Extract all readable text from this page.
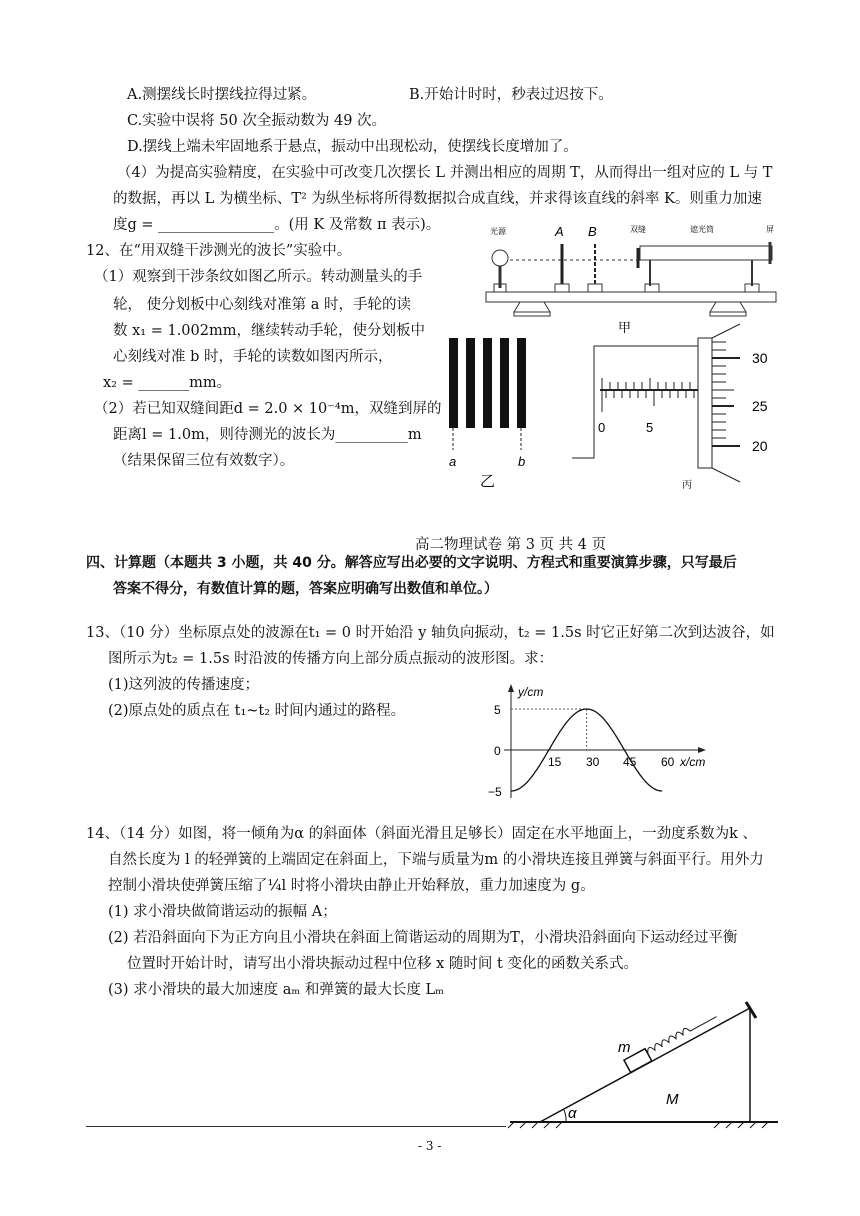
A.测摆线长时摆线拉得过紧。	B.开始计时时，秒表过迟按下。
C.实验中误将 50 次全振动数为 49 次。
D.摆线上端未牢固地系于悬点，振动中出现松动，使摆线长度增加了。
（4）为提高实验精度，在实验中可改变几次摆长 L 并测出相应的周期 T，从而得出一组对应的 L 与 T
的数据，再以 L 为横坐标、T² 为纵坐标将所得数据拟合成直线，并求得该直线的斜率 K。则重力加速
度g = ________________。(用 K 及常数 π 表示)。
12、在“用双缝干涉测光的波长”实验中。
（1）观察到干涉条纹如图乙所示。转动测量头的手
轮， 使分划板中心刻线对准第 a 时，手轮的读
数 x₁ = 1.002mm，继续转动手轮，使分划板中
心刻线对准 b 时，手轮的读数如图丙所示，
x₂ = _______mm。
（2）若已知双缝间距d = 2.0 × 10⁻⁴m，双缝到屏的
距离l = 1.0m，则待测光的波长为__________m
（结果保留三位有效数字）。
光源	A B	双缝	遮光筒	屏
a	b
乙
甲
0	5
30
25
20
丙
高二物理试卷 第 3 页 共 4 页
四、计算题（本题共 3 小题，共 40 分。解答应写出必要的文字说明、方程式和重要演算步骤，只写最后
答案不得分，有数值计算的题，答案应明确写出数值和单位。）
13、（10 分）坐标原点处的波源在t₁ = 0 时开始沿 y 轴负向振动，t₂ = 1.5s 时它正好第二次到达波谷，如
图所示为t₂ = 1.5s 时沿波的传播方向上部分质点振动的波形图。求：
(1)这列波的传播速度；
(2)原点处的质点在 t₁~t₂ 时间内通过的路程。
y/cm
x/cm
5
0
−5
15 30 45 60
14、（14 分）如图，将一倾角为α 的斜面体（斜面光滑且足够长）固定在水平地面上，一劲度系数为k 、
自然长度为 l 的轻弹簧的上端固定在斜面上，下端与质量为m 的小滑块连接且弹簧与斜面平行。用外力
控制小滑块使弹簧压缩了¼l 时将小滑块由静止开始释放，重力加速度为 g。
(1) 求小滑块做简谐运动的振幅 A；
(2) 若沿斜面向下为正方向且小滑块在斜面上简谐运动的周期为T，小滑块沿斜面向下运动经过平衡
位置时开始计时，请写出小滑块振动过程中位移 x 随时间 t 变化的函数关系式。
(3) 求小滑块的最大加速度 aₘ 和弹簧的最大长度 Lₘ
α
m
M
- 3 -
